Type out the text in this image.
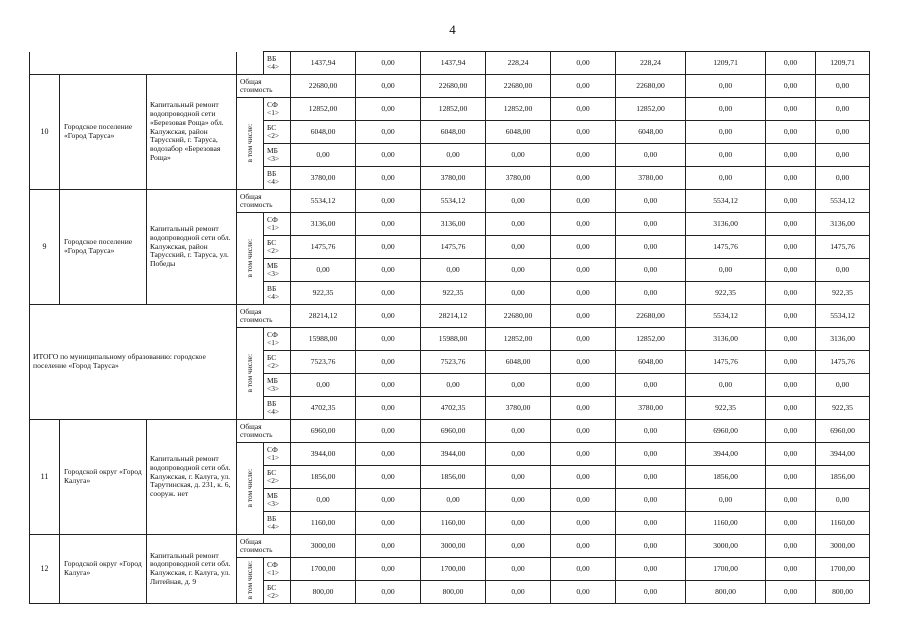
4
				ВБ <4>	1437,94	0,00	1437,94	228,24	0,00	228,24	1209,71	0,00	1209,71
10	Городское поселение «Город Таруса»	Капитальный ремонт водопроводной сети «Березовая Роща» обл. Калужская, район Тарусский, г. Таруса, водозабор «Березовая Роща»	Общая стоимость		22680,00	0,00	22680,00	22680,00	0,00	22680,00	0,00	0,00	0,00

			в том числе:	СФ <1>	12852,00	0,00	12852,00	12852,00	0,00	12852,00	0,00	0,00	0,00
				БС <2>	6048,00	0,00	6048,00	6048,00	0,00	6048,00	0,00	0,00	0,00
				МБ <3>	0,00	0,00	0,00	0,00	0,00	0,00	0,00	0,00	0,00
				ВБ <4>	3780,00	0,00	3780,00	3780,00	0,00	3780,00	0,00	0,00	0,00
9	Городское поселение «Город Таруса»	Капитальный ремонт водопроводной сети обл. Калужская, район Тарусский, г. Таруса, ул. Победы	Общая стоимость		5534,12	0,00	5534,12	0,00	0,00	0,00	5534,12	0,00	5534,12

			в том числе:	СФ <1>	3136,00	0,00	3136,00	0,00	0,00	0,00	3136,00	0,00	3136,00
				БС <2>	1475,76	0,00	1475,76	0,00	0,00	0,00	1475,76	0,00	1475,76
				МБ <3>	0,00	0,00	0,00	0,00	0,00	0,00	0,00	0,00	0,00
				ВБ <4>	922,35	0,00	922,35	0,00	0,00	0,00	922,35	0,00	922,35
ИТОГО по муниципальному образованию: городское поселение «Город Таруса»			Общая стоимость		28214,12	0,00	28214,12	22680,00	0,00	22680,00	5534,12	0,00	5534,12

			в том числе:	СФ <1>	15988,00	0,00	15988,00	12852,00	0,00	12852,00	3136,00	0,00	3136,00
				БС <2>	7523,76	0,00	7523,76	6048,00	0,00	6048,00	1475,76	0,00	1475,76
				МБ <3>	0,00	0,00	0,00	0,00	0,00	0,00	0,00	0,00	0,00
				ВБ <4>	4702,35	0,00	4702,35	3780,00	0,00	3780,00	922,35	0,00	922,35
11	Городской округ «Город Калуга»	Капитальный ремонт водопроводной сети обл. Калужская, г. Калуга, ул. Тарутинская, д. 231, к. 6, сооруж. нет	Общая стоимость		6960,00	0,00	6960,00	0,00	0,00	0,00	6960,00	0,00	6960,00

			в том числе:	СФ <1>	3944,00	0,00	3944,00	0,00	0,00	0,00	3944,00	0,00	3944,00
				БС <2>	1856,00	0,00	1856,00	0,00	0,00	0,00	1856,00	0,00	1856,00
				МБ <3>	0,00	0,00	0,00	0,00	0,00	0,00	0,00	0,00	0,00
				ВБ <4>	1160,00	0,00	1160,00	0,00	0,00	0,00	1160,00	0,00	1160,00
12	Городской округ «Город Калуга»	Капитальный ремонт водопроводной сети обл. Калужская, г. Калуга, ул. Литейная, д. 9	Общая стоимость		3000,00	0,00	3000,00	0,00	0,00	0,00	3000,00	0,00	3000,00

			в том числе:	СФ <1>	1700,00	0,00	1700,00	0,00	0,00	0,00	1700,00	0,00	1700,00
				БС <2>	800,00	0,00	800,00	0,00	0,00	0,00	800,00	0,00	800,00
